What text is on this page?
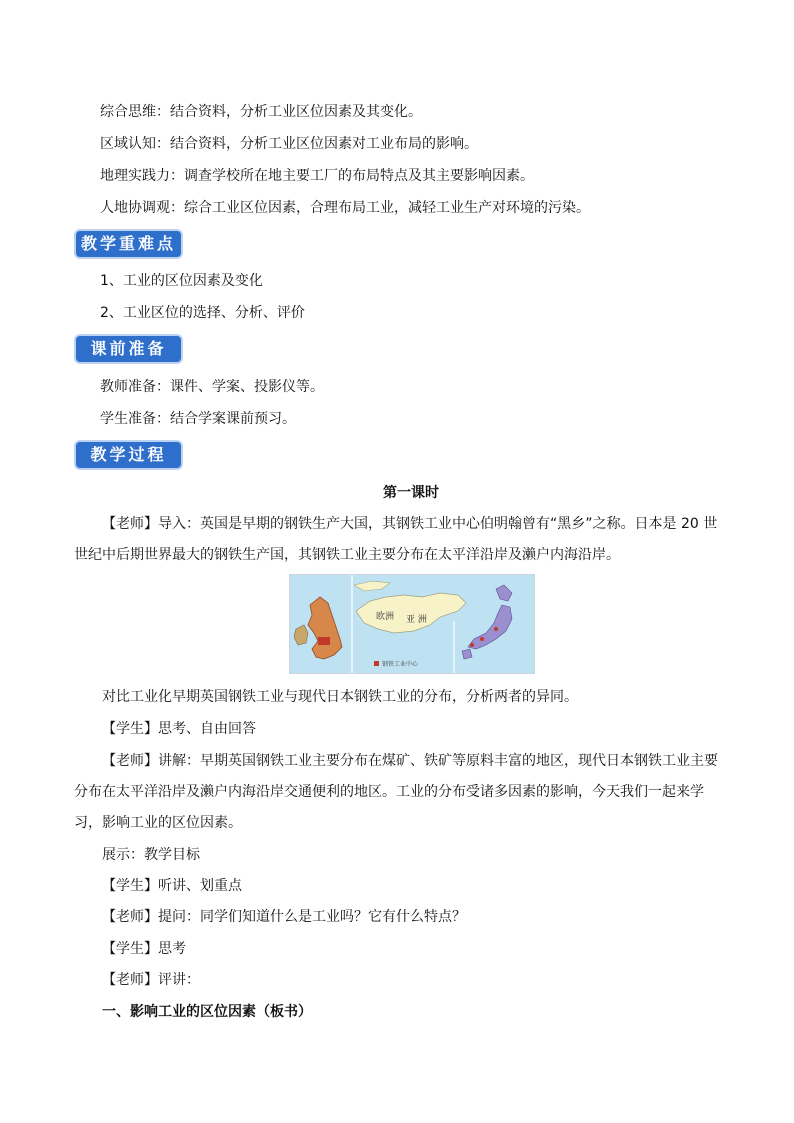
综合思维：结合资料，分析工业区位因素及其变化。

区域认知：结合资料，分析工业区位因素对工业布局的影响。

地理实践力：调查学校所在地主要工厂的布局特点及其主要影响因素。

人地协调观：综合工业区位因素，合理布局工业，减轻工业生产对环境的污染。

教学重难点

1、工业的区位因素及变化

2、工业区位的选择、分析、评价

课前准备

教师准备：课件、学案、投影仪等。

学生准备：结合学案课前预习。

教学过程

第一课时

【老师】导入：英国是早期的钢铁生产大国，其钢铁工业中心伯明翰曾有“黑乡”之称。日本是 20 世世纪中后期世界最大的钢铁生产国，其钢铁工业主要分布在太平洋沿岸及濑户内海沿岸。

欧洲 亚 洲
钢铁工业中心

对比工业化早期英国钢铁工业与现代日本钢铁工业的分布，分析两者的异同。

【学生】思考、自由回答

【老师】讲解：早期英国钢铁工业主要分布在煤矿、铁矿等原料丰富的地区，现代日本钢铁工业主要分布在太平洋沿岸及濑户内海沿岸交通便利的地区。工业的分布受诸多因素的影响，今天我们一起来学习，影响工业的区位因素。

展示：教学目标

【学生】听讲、划重点

【老师】提问：同学们知道什么是工业吗？它有什么特点？

【学生】思考

【老师】评讲：

一、影响工业的区位因素（板书）
